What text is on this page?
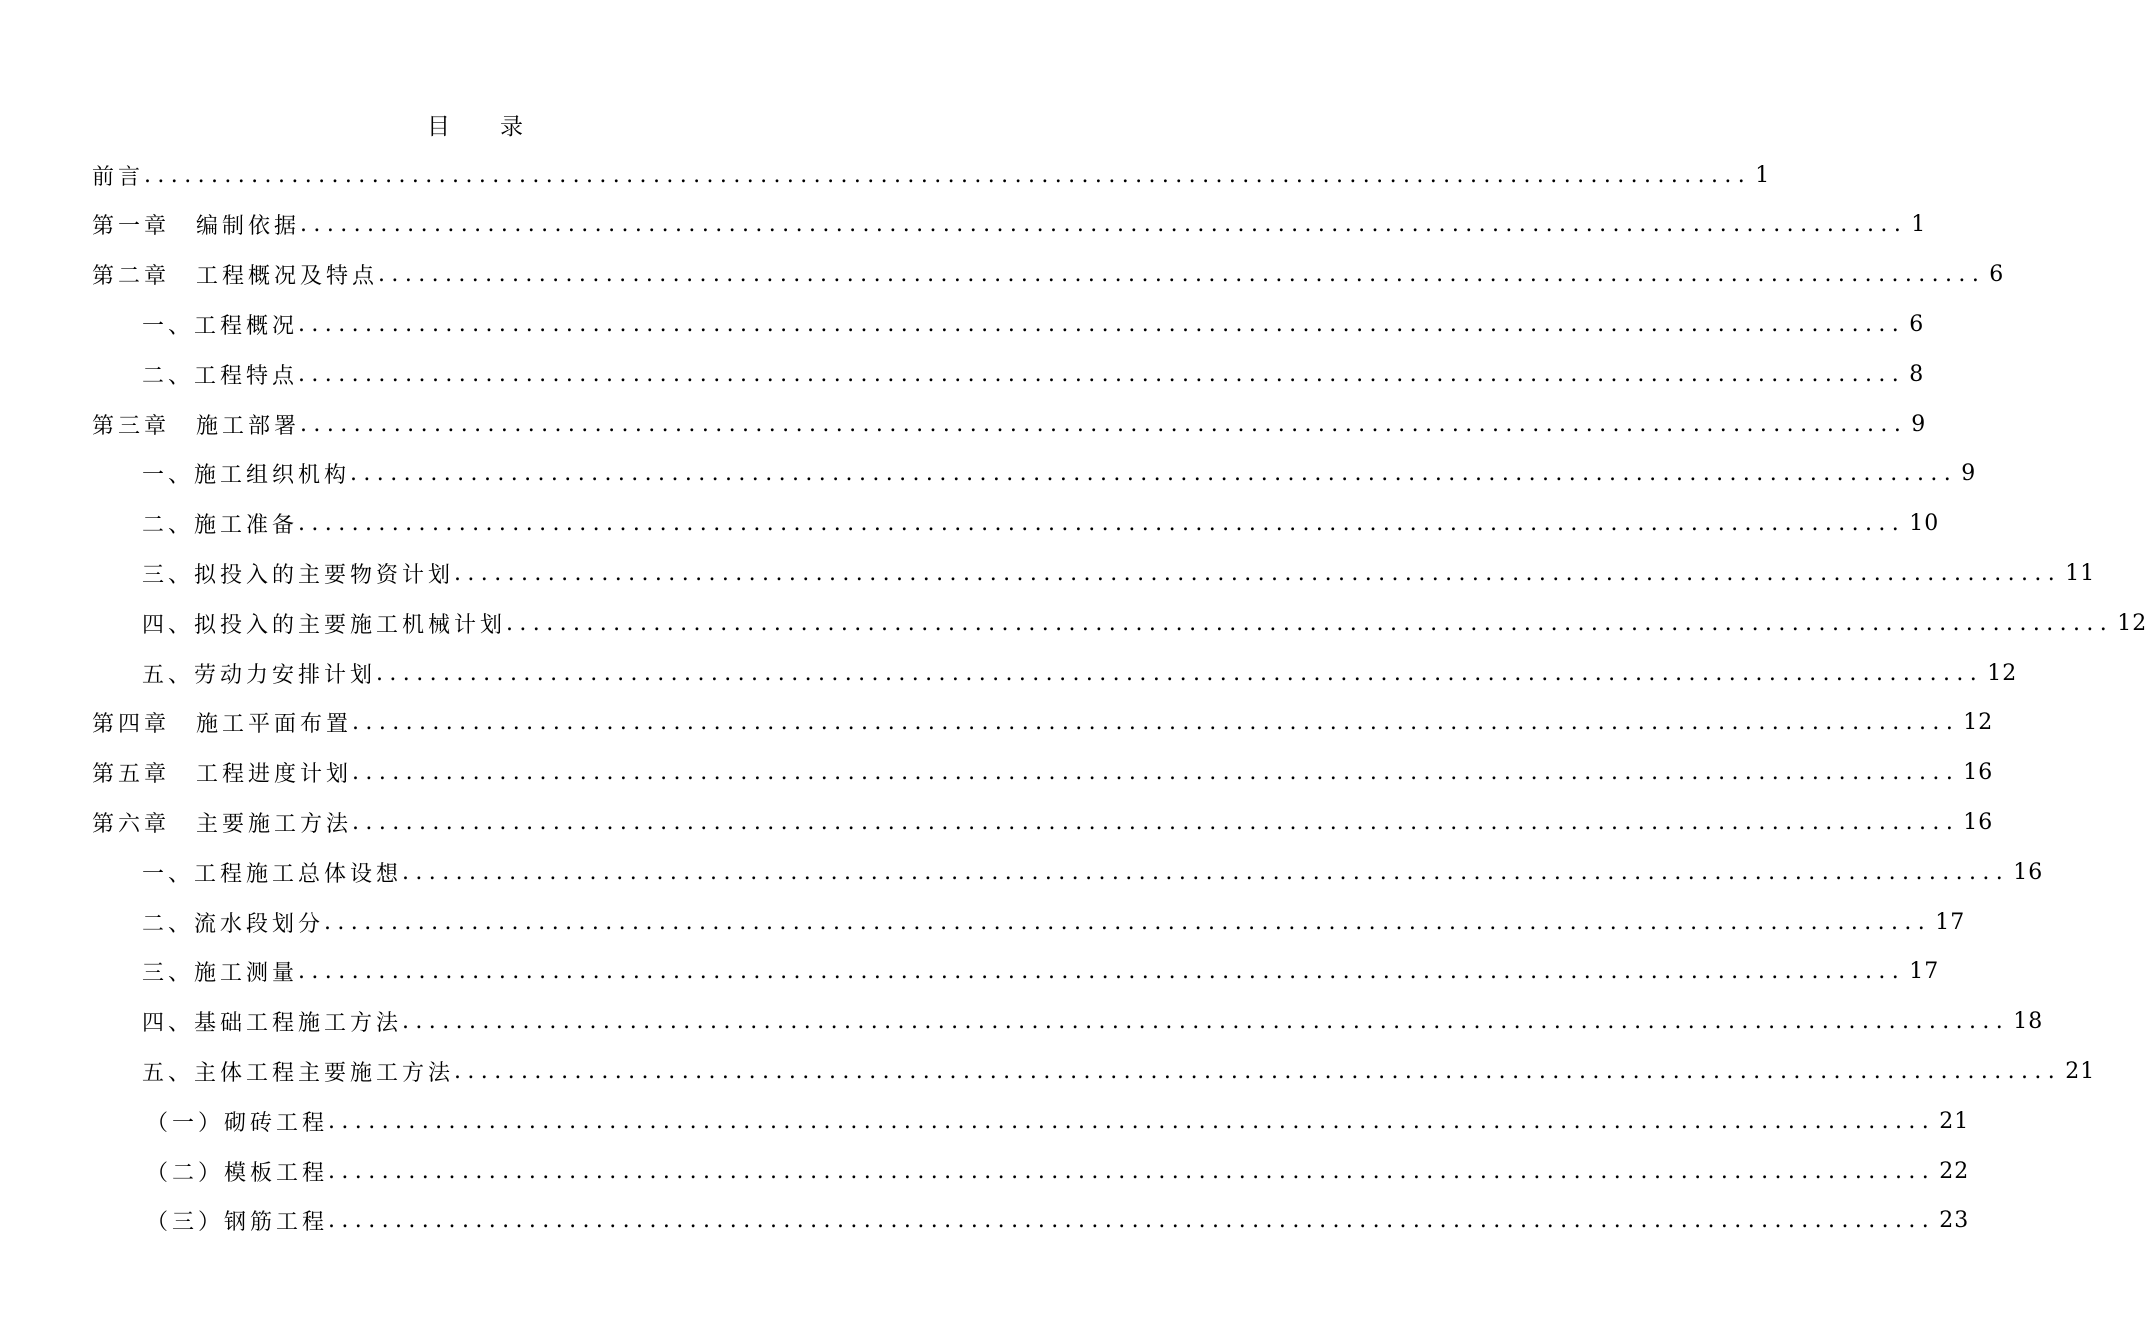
目 录
前言 ........................................................................................................................ 1
第一章 编制依据 ........................................................................................................................ 1
第二章 工程概况及特点 ........................................................................................................................ 6
一、工程概况 ........................................................................................................................ 6
二、工程特点 ........................................................................................................................ 8
第三章 施工部署 ........................................................................................................................ 9
一、施工组织机构 ........................................................................................................................ 9
二、施工准备 ........................................................................................................................ 10
三、拟投入的主要物资计划 ........................................................................................................................ 11
四、拟投入的主要施工机械计划 ........................................................................................................................ 12
五、劳动力安排计划 ........................................................................................................................ 12
第四章 施工平面布置 ........................................................................................................................ 12
第五章 工程进度计划 ........................................................................................................................ 16
第六章 主要施工方法 ........................................................................................................................ 16
一、工程施工总体设想 ........................................................................................................................ 16
二、流水段划分 ........................................................................................................................ 17
三、施工测量 ........................................................................................................................ 17
四、基础工程施工方法 ........................................................................................................................ 18
五、主体工程主要施工方法 ........................................................................................................................ 21
（一）砌砖工程 ........................................................................................................................ 21
（二）模板工程 ........................................................................................................................ 22
（三）钢筋工程 ........................................................................................................................ 23
